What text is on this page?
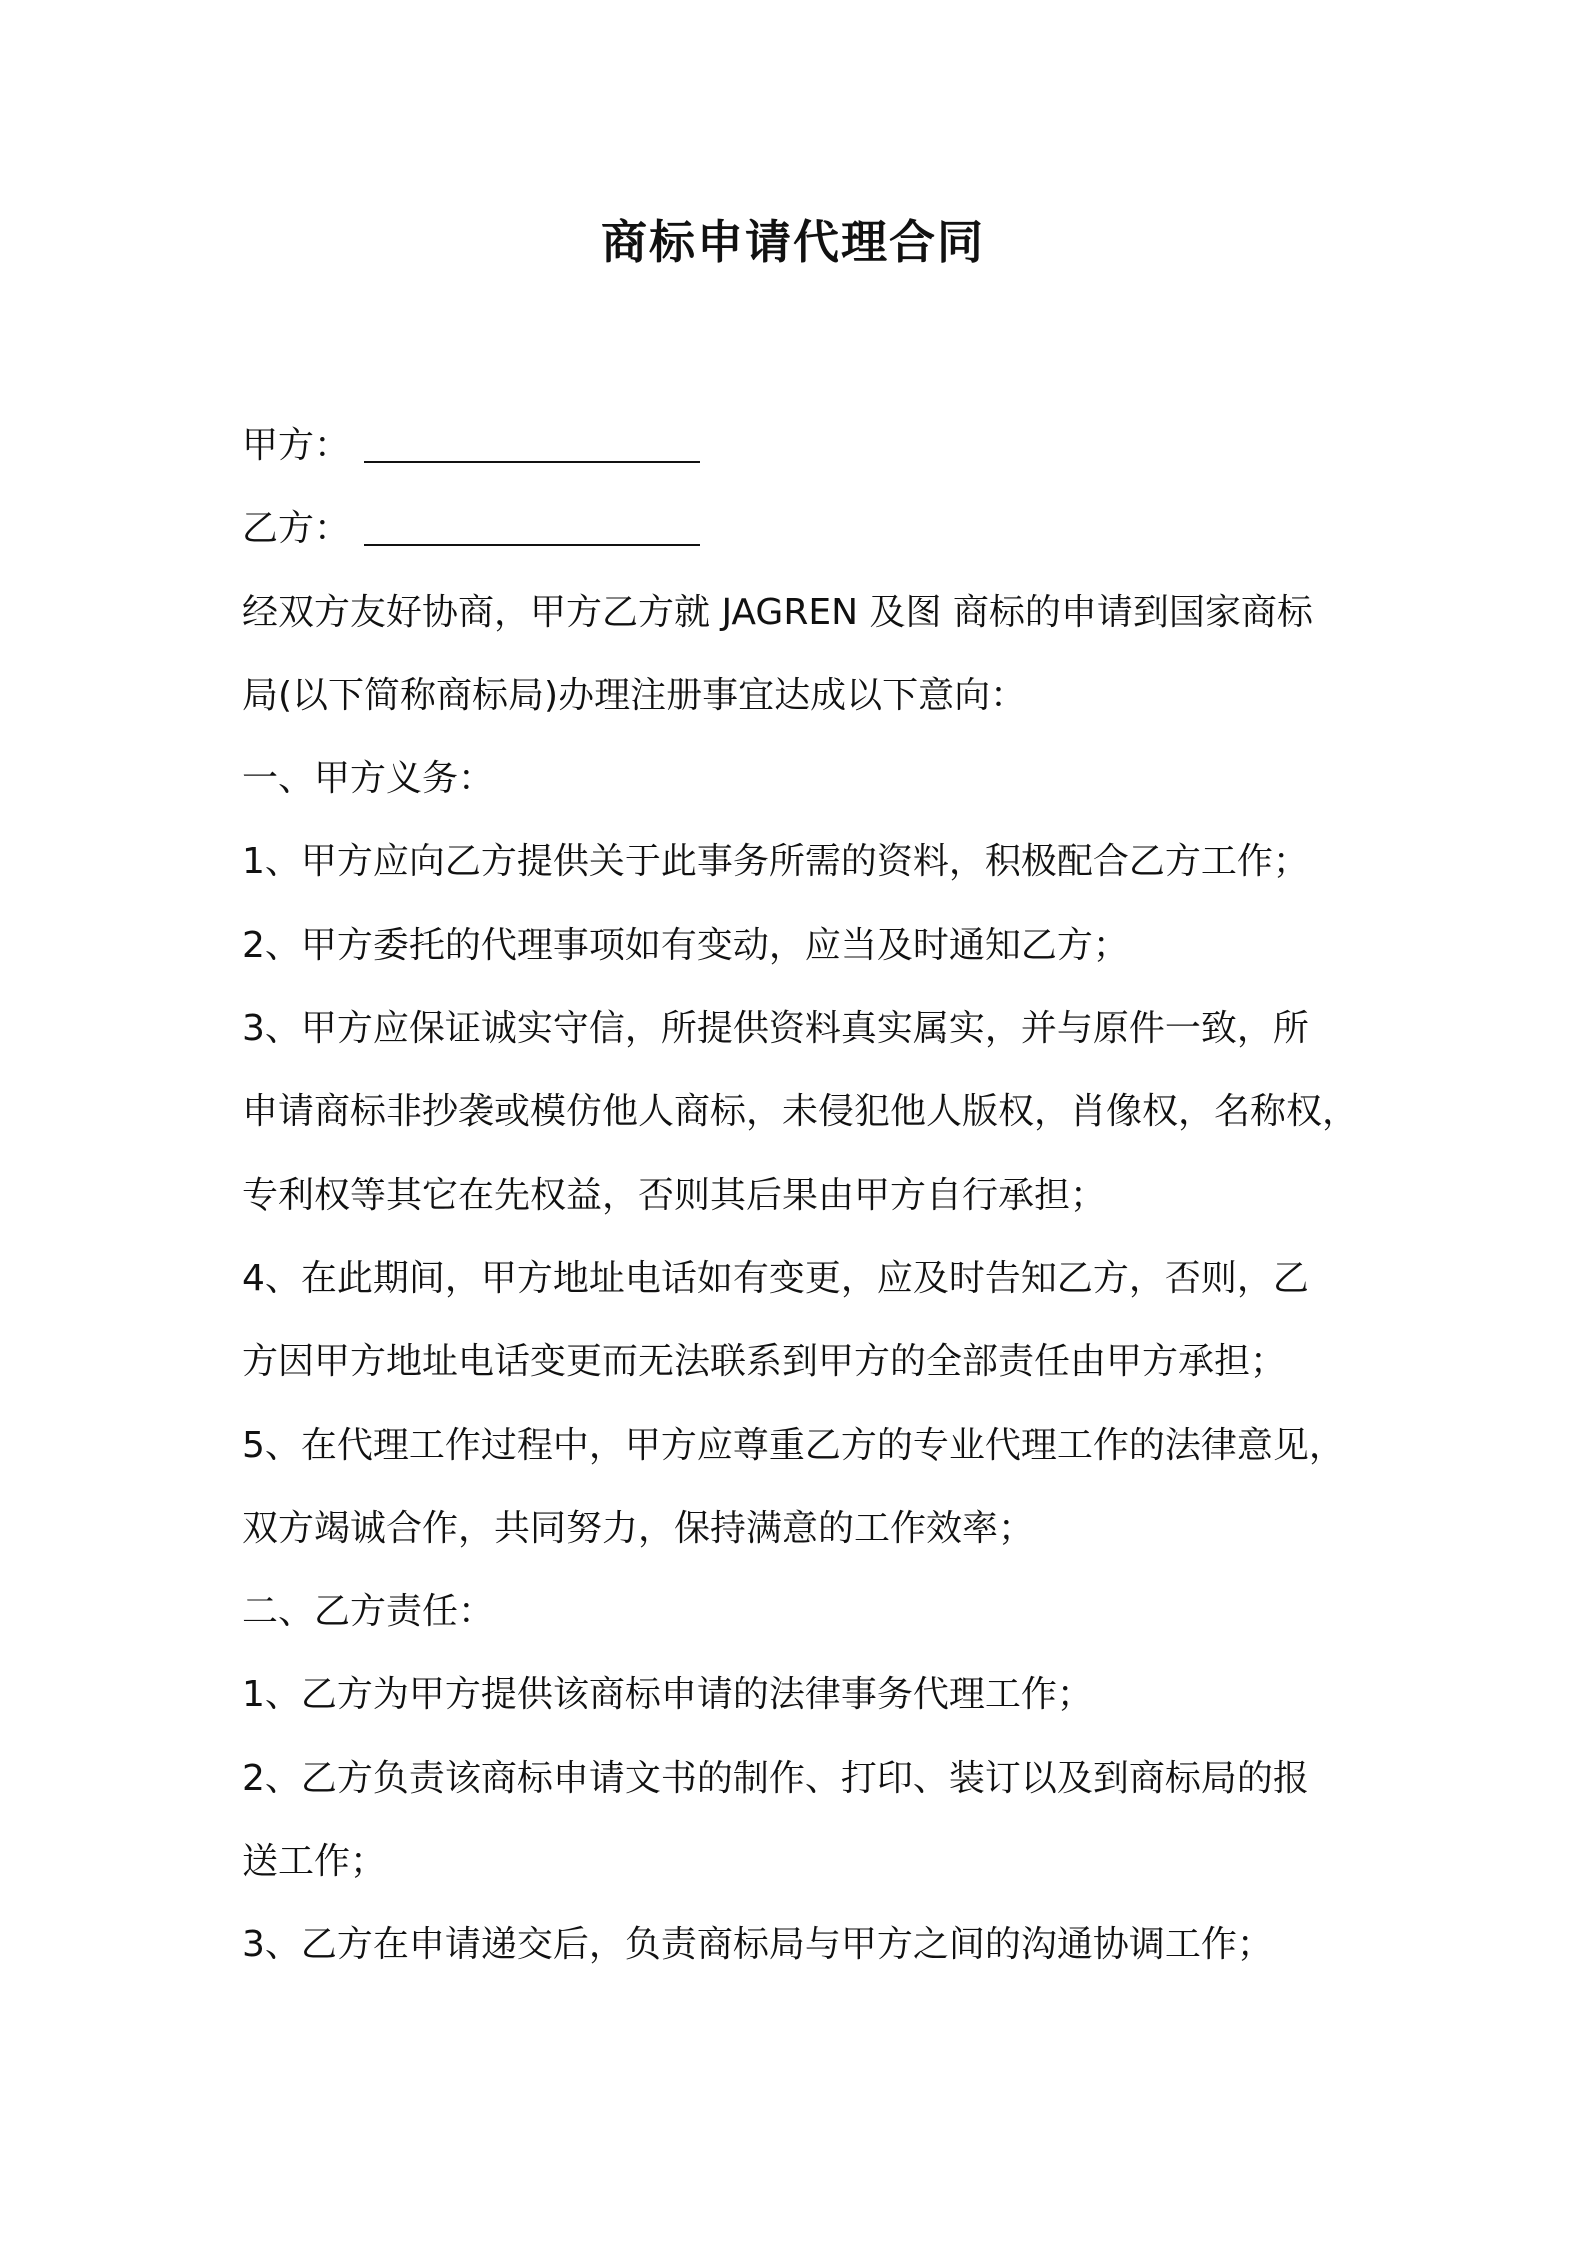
商标申请代理合同
甲方：
乙方：
经双方友好协商，甲方乙方就 JAGREN 及图 商标的申请到国家商标
局(以下简称商标局)办理注册事宜达成以下意向：
一、甲方义务：
1、甲方应向乙方提供关于此事务所需的资料，积极配合乙方工作；
2、甲方委托的代理事项如有变动，应当及时通知乙方；
3、甲方应保证诚实守信，所提供资料真实属实，并与原件一致，所
申请商标非抄袭或模仿他人商标，未侵犯他人版权，肖像权，名称权，
专利权等其它在先权益，否则其后果由甲方自行承担；
4、在此期间，甲方地址电话如有变更，应及时告知乙方，否则，乙
方因甲方地址电话变更而无法联系到甲方的全部责任由甲方承担；
5、在代理工作过程中，甲方应尊重乙方的专业代理工作的法律意见，
双方竭诚合作，共同努力，保持满意的工作效率；
二、乙方责任：
1、乙方为甲方提供该商标申请的法律事务代理工作；
2、乙方负责该商标申请文书的制作、打印、装订以及到商标局的报
送工作；
3、乙方在申请递交后，负责商标局与甲方之间的沟通协调工作；
